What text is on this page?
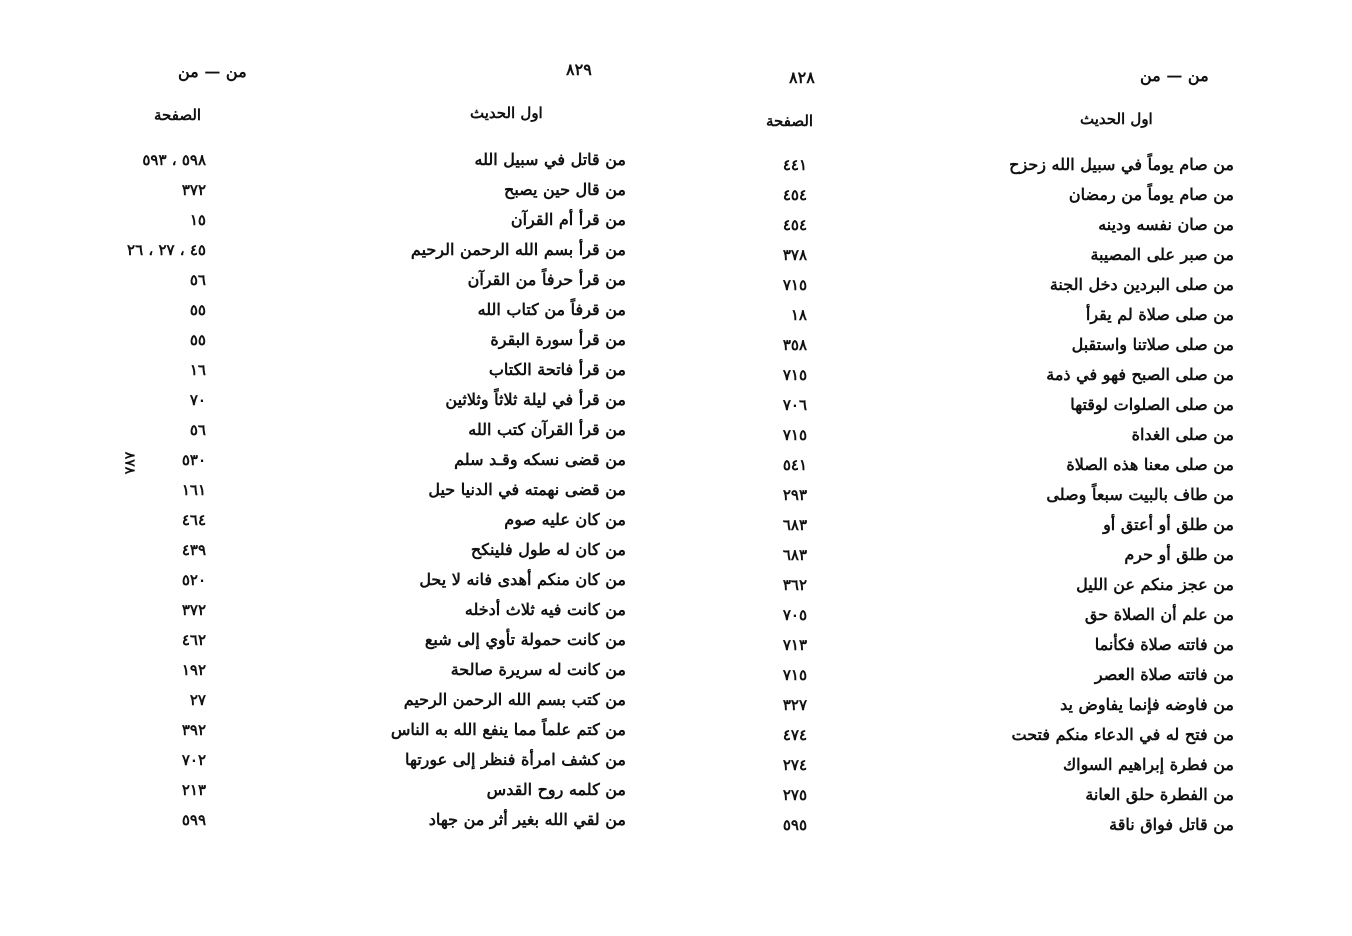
من — من	٨٢٩
اول الحديث
الصفحة
٨٧٨
من قاتل في سبيل الله
٥٩٨ ، ٥٩٣
من قال حين يصبح
٣٧٢
من قرأ أم القرآن
١٥
من قرأ بسم الله الرحمن الرحيم
٤٥ ، ٢٧ ، ٢٦
من قرأ حرفاً من القرآن
٥٦
من قرفاً من كتاب الله
٥٥
من قرأ سورة البقرة
٥٥
من قرأ فاتحة الكتاب
١٦
من قرأ في ليلة ثلاثاً وثلاثين
٧٠
من قرأ القرآن كتب الله
٥٦
من قضى نسكه وقـد سلم
٥٣٠
من قضى نهمته في الدنيا حيل
١٦١
من كان عليه صوم
٤٦٤
من كان له طول فلينكح
٤٣٩
من كان منكم أهدى فانه لا يحل
٥٢٠
من كانت فيه ثلاث أدخله
٣٧٢
من كانت حمولة تأوي إلى شبع
٤٦٢
من كانت له سريرة صالحة
١٩٢
من كتب بسم الله الرحمن الرحيم
٢٧
من كتم علماً مما ينفع الله به الناس
٣٩٢
من كشف امرأة فنظر إلى عورتها
٧٠٢
من كلمه روح القدس
٢١٣
من لقي الله بغير أثر من جهاد
٥٩٩
من — من
٨٢٨
اول الحديث
الصفحة
من صام يوماً في سبيل الله زحزح
٤٤١
من صام يوماً من رمضان
٤٥٤
من صان نفسه ودينه
٤٥٤
من صبر على المصيبة
٣٧٨
من صلى البردين دخل الجنة
٧١٥
من صلى صلاة لم يقرأ
١٨
من صلى صلاتنا واستقبل
٣٥٨
من صلى الصبح فهو في ذمة
٧١٥
من صلى الصلوات لوقتها
٧٠٦
من صلى الغداة
٧١٥
من صلى معنا هذه الصلاة
٥٤١
من طاف بالبيت سبعاً وصلى
٢٩٣
من طلق أو أعتق أو
٦٨٣
من طلق أو حرم
٦٨٣
من عجز منكم عن الليل
٣٦٢
من علم أن الصلاة حق
٧٠٥
من فاتته صلاة فكأنما
٧١٣
من فاتته صلاة العصر
٧١٥
من فاوضه فإنما يفاوض يد
٣٢٧
من فتح له في الدعاء منكم فتحت
٤٧٤
من فطرة إبراهيم السواك
٢٧٤
من الفطرة حلق العانة
٢٧٥
من قاتل فواق ناقة
٥٩٥
